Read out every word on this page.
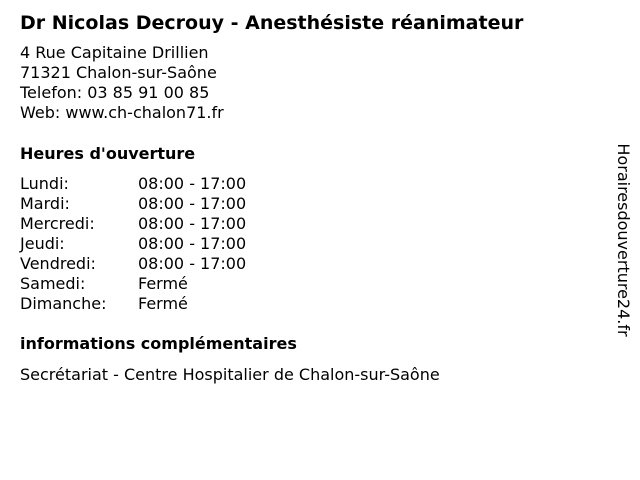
Dr Nicolas Decrouy - Anesthésiste réanimateur
4 Rue Capitaine Drillien
71321 Chalon-sur-Saône
Telefon: 03 85 91 00 85
Web: www.ch-chalon71.fr
Heures d'ouverture
Lundi:	08:00 - 17:00
Mardi:	08:00 - 17:00
Mercredi:	08:00 - 17:00
Jeudi:	08:00 - 17:00
Vendredi:	08:00 - 17:00
Samedi:	Fermé
Dimanche:	Fermé
informations complémentaires
Secrétariat - Centre Hospitalier de Chalon-sur-Saône
Horairesdouverture24.fr
